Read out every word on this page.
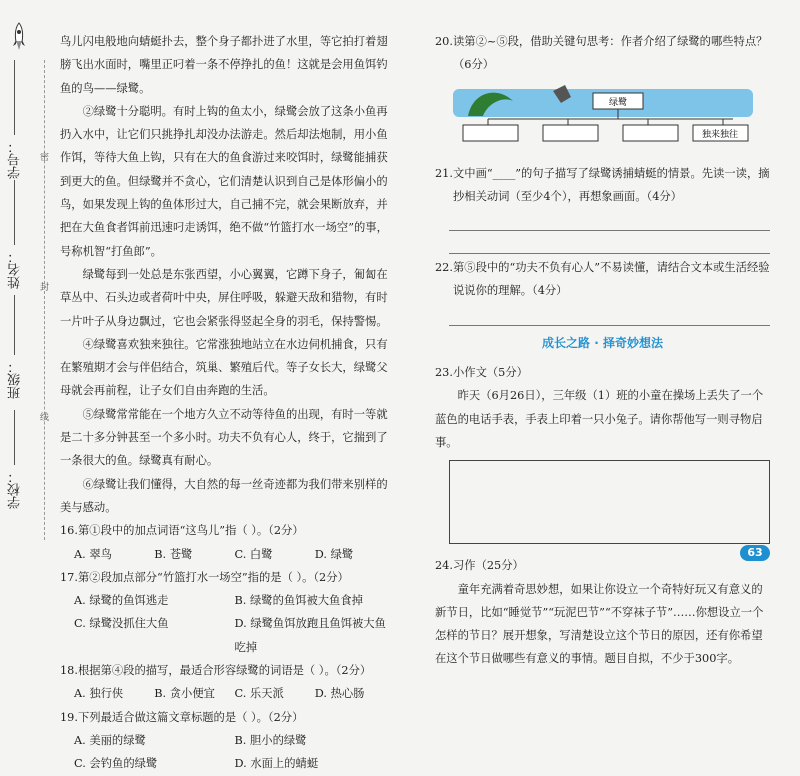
学号：
姓名：
班级：
学校：
密
封
线

鸟儿闪电般地向蜻蜓扑去，整个身子都扑进了水里，等它拍打着翅膀飞出水面时，嘴里正叼着一条不停挣扎的鱼！这就是会用鱼饵钓鱼的鸟——绿鹭。

②绿鹭十分聪明。有时上钩的鱼太小，绿鹭会放了这条小鱼再扔入水中，让它们只挑挣扎却没办法游走。然后却法炮制，用小鱼作饵，等待大鱼上钩，只有在大的鱼食游过来咬饵时，绿鹭能捕获到更大的鱼。但绿鹭并不贪心，它们清楚认识到自己是体形偏小的鸟，如果发现上钩的鱼体形过大，自己捕不完，就会果断放弃，并把在大鱼食者饵前迅速叼走诱饵，绝不做“竹篮打水一场空”的事，号称机智“打鱼郎”。

绿鹭每到一处总是东张西望，小心翼翼，它蹲下身子，匍匐在草丛中、石头边或者荷叶中央，屏住呼吸，躲避天敌和猎物，有时一片叶子从身边飘过，它也会紧张得竖起全身的羽毛，保持警惕。

④绿鹭喜欢独来独往。它常涨独地站立在水边伺机捕食，只有在繁殖期才会与伴侣结合，筑巢、繁殖后代。等子女长大，绿鹭父母就会再前程，让子女们自由奔跑的生活。

⑤绿鹭常常能在一个地方久立不动等待鱼的出现，有时一等就是二十多分钟甚至一个多小时。功夫不负有心人，终于，它揣到了一条很大的鱼。绿鹭真有耐心。

⑥绿鹭让我们懂得，大自然的每一丝奇迹都为我们带来别样的美与感动。

16. 第①段中的加点词语“这鸟儿”指（ ）。（2分）
A. 翠鸟	B. 苍鹭	C. 白鹭	D. 绿鹭
17. 第②段加点部分“竹篮打水一场空”指的是（ ）。（2分）
A. 绿鹭的鱼饵逃走	B. 绿鹭的鱼饵被大鱼食掉
C. 绿鹭没抓住大鱼	D. 绿鹭鱼饵放跑且鱼饵被大鱼吃掉
18. 根据第④段的描写，最适合形容绿鹭的词语是（ ）。（2分）
A. 独行侠	B. 贪小便宜	C. 乐天派	D. 热心肠
19. 下列最适合做这篇文章标题的是（ ）。（2分）
A. 美丽的绿鹭	B. 胆小的绿鹭
C. 会钓鱼的绿鹭	D. 水面上的蜻蜓
20. 读第②~⑤段，借助关键句思考：作者介绍了绿鹭的哪些特点？（6分）
绿鹭
独来独往
21. 文中画“____”的句子描写了绿鹭诱捕蜻蜓的情景。先读一读，摘抄相关动词（至少4个），再想象画面。（4分）
22. 第⑤段中的“功夫不负有心人”不易读懂，请结合文本或生活经验说说你的理解。（4分）
成长之路 · 择奇妙想法
23. 小作文（5分）

昨天（6月26日），三年级（1）班的小童在操场上丢失了一个蓝色的电话手表，手表上印着一只小兔子。请你帮他写一则寻物启事。

24. 习作（25分）

童年充满着奇思妙想，如果让你设立一个奇特好玩又有意义的新节日，比如“睡觉节”“玩泥巴节”“不穿袜子节”……你想设立一个怎样的节日？展开想象，写清楚设立这个节日的原因，还有你希望在这个节日做哪些有意义的事情。题目自拟，不少于300字。

63
